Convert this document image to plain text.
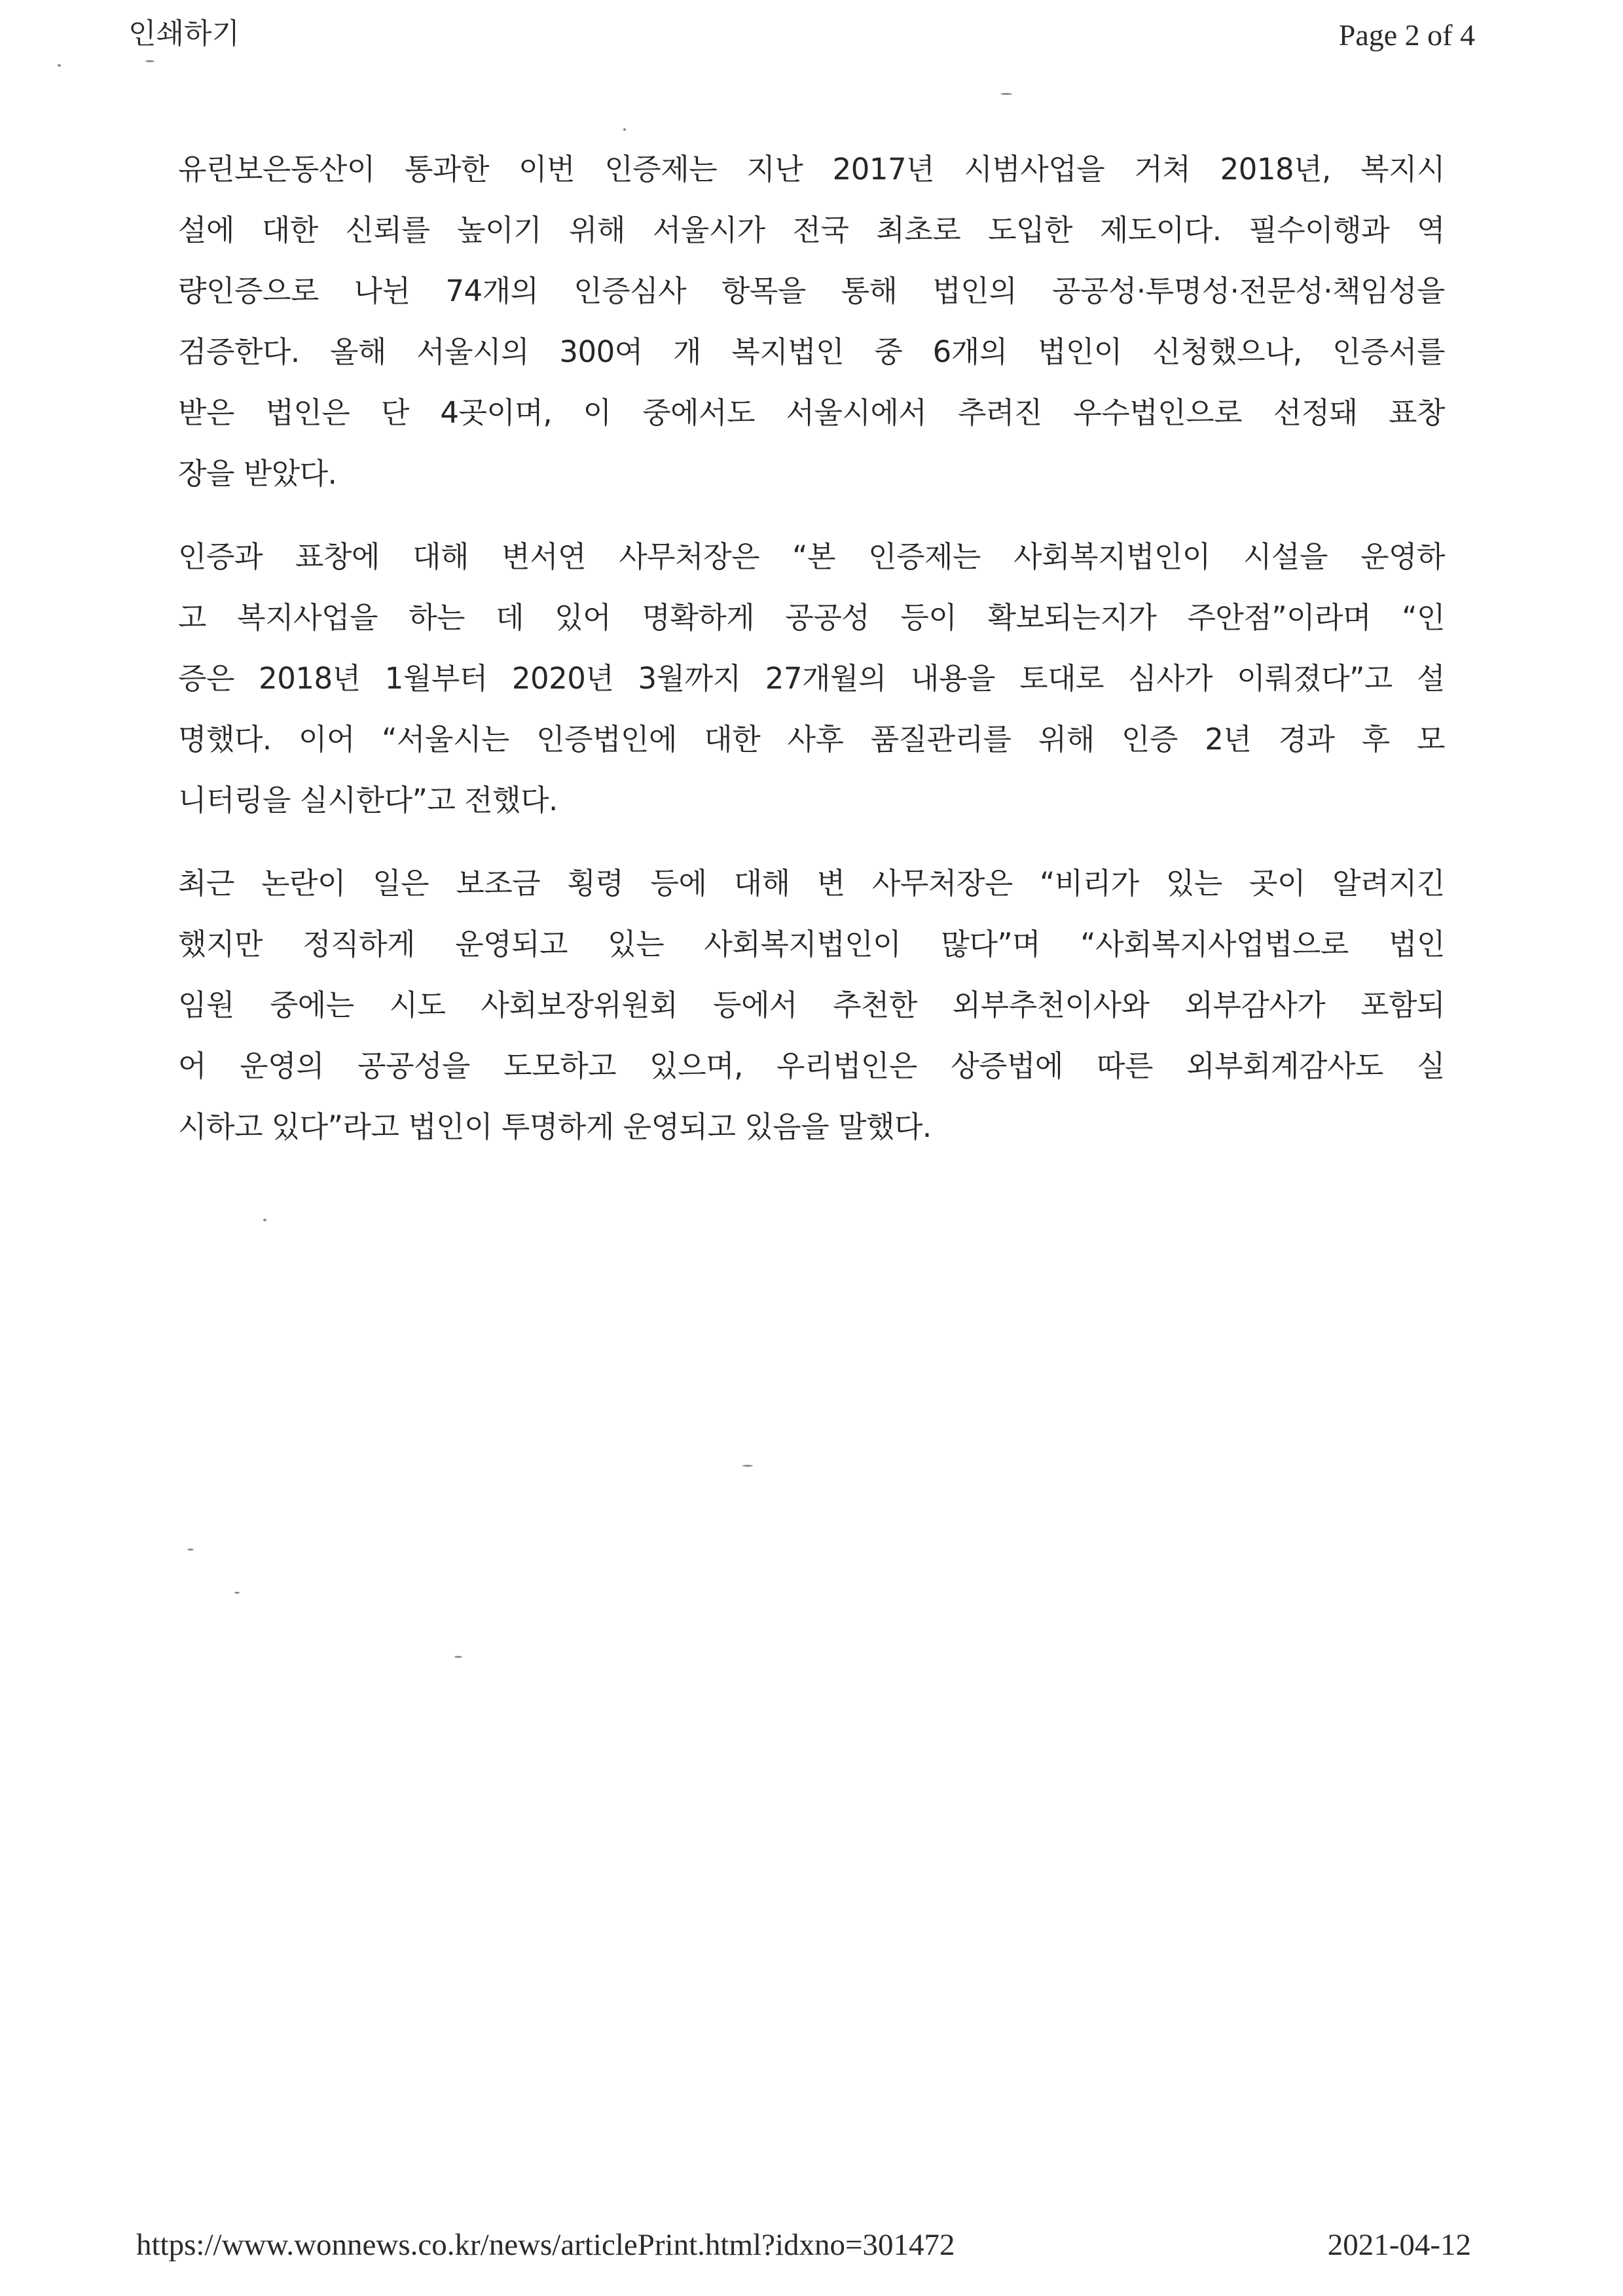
인쇄하기	Page 2 of 4

유린보은동산이 통과한 이번 인증제는 지난 2017년 시범사업을 거쳐 2018년, 복지시
설에 대한 신뢰를 높이기 위해 서울시가 전국 최초로 도입한 제도이다. 필수이행과 역
량인증으로 나뉜 74개의 인증심사 항목을 통해 법인의 공공성·투명성·전문성·책임성을
검증한다. 올해 서울시의 300여 개 복지법인 중 6개의 법인이 신청했으나, 인증서를
받은 법인은 단 4곳이며, 이 중에서도 서울시에서 추려진 우수법인으로 선정돼 표창
장을 받았다.

인증과 표창에 대해 변서연 사무처장은 “본 인증제는 사회복지법인이 시설을 운영하
고 복지사업을 하는 데 있어 명확하게 공공성 등이 확보되는지가 주안점”이라며 “인
증은 2018년 1월부터 2020년 3월까지 27개월의 내용을 토대로 심사가 이뤄졌다”고 설
명했다. 이어 “서울시는 인증법인에 대한 사후 품질관리를 위해 인증 2년 경과 후 모
니터링을 실시한다”고 전했다.

최근 논란이 일은 보조금 횡령 등에 대해 변 사무처장은 “비리가 있는 곳이 알려지긴
했지만 정직하게 운영되고 있는 사회복지법인이 많다”며 “사회복지사업법으로 법인
임원 중에는 시도 사회보장위원회 등에서 추천한 외부추천이사와 외부감사가 포함되
어 운영의 공공성을 도모하고 있으며, 우리법인은 상증법에 따른 외부회계감사도 실
시하고 있다”라고 법인이 투명하게 운영되고 있음을 말했다.

https://www.wonnews.co.kr/news/articlePrint.html?idxno=301472	2021-04-12
